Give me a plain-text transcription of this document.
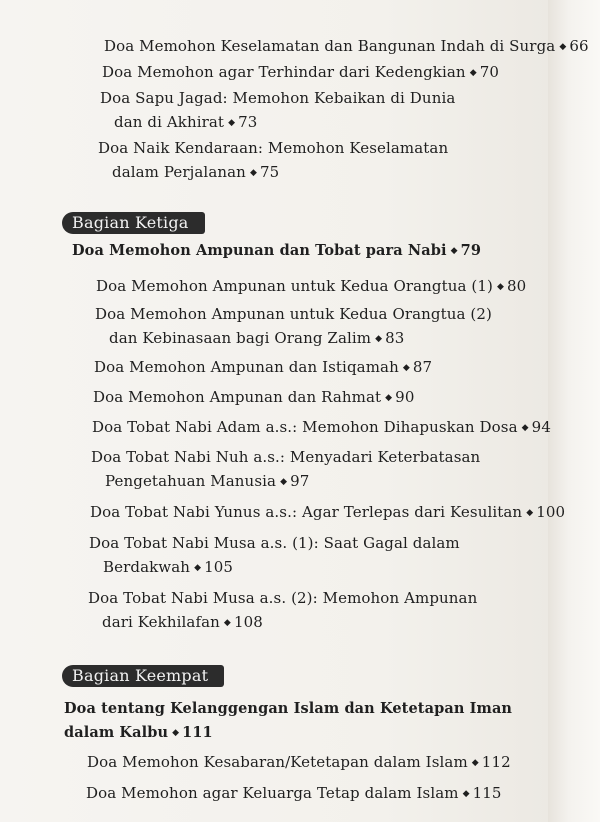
Doa Memohon Keselamatan dan Bangunan Indah di Surga ◆ 66
Doa Memohon agar Terhindar dari Kedengkian ◆ 70
Doa Sapu Jagad: Memohon Kebaikan di Dunia
dan di Akhirat ◆ 73
Doa Naik Kendaraan: Memohon Keselamatan
dalam Perjalanan ◆ 75
Bagian Ketiga
Doa Memohon Ampunan dan Tobat para Nabi ◆ 79
Doa Memohon Ampunan untuk Kedua Orangtua (1) ◆ 80
Doa Memohon Ampunan untuk Kedua Orangtua (2)
dan Kebinasaan bagi Orang Zalim ◆ 83
Doa Memohon Ampunan dan Istiqamah ◆ 87
Doa Memohon Ampunan dan Rahmat ◆ 90
Doa Tobat Nabi Adam a.s.: Memohon Dihapuskan Dosa ◆ 94
Doa Tobat Nabi Nuh a.s.: Menyadari Keterbatasan
Pengetahuan Manusia ◆ 97
Doa Tobat Nabi Yunus a.s.: Agar Terlepas dari Kesulitan ◆ 100
Doa Tobat Nabi Musa a.s. (1): Saat Gagal dalam
Berdakwah ◆ 105
Doa Tobat Nabi Musa a.s. (2): Memohon Ampunan
dari Kekhilafan ◆ 108
Bagian Keempat
Doa tentang Kelanggengan Islam dan Ketetapan Iman
dalam Kalbu ◆ 111
Doa Memohon Kesabaran/Ketetapan dalam Islam ◆ 112
Doa Memohon agar Keluarga Tetap dalam Islam ◆ 115
